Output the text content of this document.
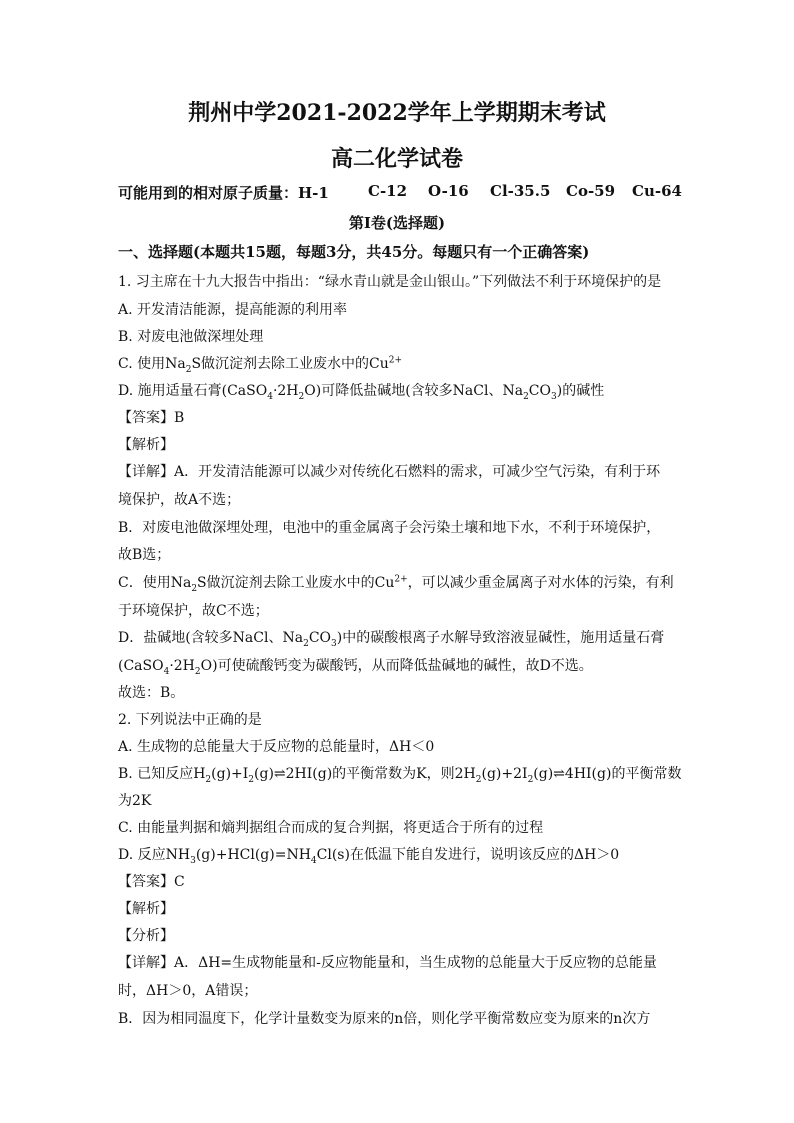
荆州中学2021-2022学年上学期期末考试
高二化学试卷
可能用到的相对原子质量：H-1	C-12 O-16 Cl-35.5 Co-59 Cu-64
第Ⅰ卷(选择题)
一、选择题(本题共15题，每题3分，共45分。每题只有一个正确答案)
1. 习主席在十九大报告中指出：“绿水青山就是金山银山。”下列做法不利于环境保护的是
A. 开发清洁能源，提高能源的利用率
B. 对废电池做深埋处理
C. 使用$Na_2S$做沉淀剂去除工业废水中的$Cu^{2+}$
D. 施用适量石膏$(CaSO_4\cdot 2H_2O)$可降低盐碱地(含较多NaCl、$Na_2CO_3$)的碱性
【答案】B
【解析】
【详解】A．开发清洁能源可以减少对传统化石燃料的需求，可减少空气污染，有利于环
境保护，故A不选；
B．对废电池做深埋处理，电池中的重金属离子会污染土壤和地下水，不利于环境保护，
故B选；
C．使用$Na_2S$做沉淀剂去除工业废水中的$Cu^{2+}$，可以减少重金属离子对水体的污染，有利
于环境保护，故C不选；
D．盐碱地(含较多NaCl、$Na_2CO_3$)中的碳酸根离子水解导致溶液显碱性，施用适量石膏
$(CaSO_4\cdot 2H_2O)$可使硫酸钙变为碳酸钙，从而降低盐碱地的碱性，故D不选。
故选：B。
2. 下列说法中正确的是
A. 生成物的总能量大于反应物的总能量时，ΔH＜0
B. 已知反应$H_2(g)+I_2(g)\rightleftharpoons 2HI(g)$的平衡常数为K，则$2H_2(g)+2I_2(g)\rightleftharpoons 4HI(g)$的平衡常数
为2K
C. 由能量判据和熵判据组合而成的复合判据，将更适合于所有的过程
D. 反应$NH_3(g)+HCl(g)=NH_4Cl(s)$在低温下能自发进行，说明该反应的ΔH＞0
【答案】C
【解析】
【分析】
【详解】A．ΔH=生成物能量和-反应物能量和，当生成物的总能量大于反应物的总能量
时，ΔH＞0，A错误；
B．因为相同温度下，化学计量数变为原来的n倍，则化学平衡常数应变为原来的n次方
